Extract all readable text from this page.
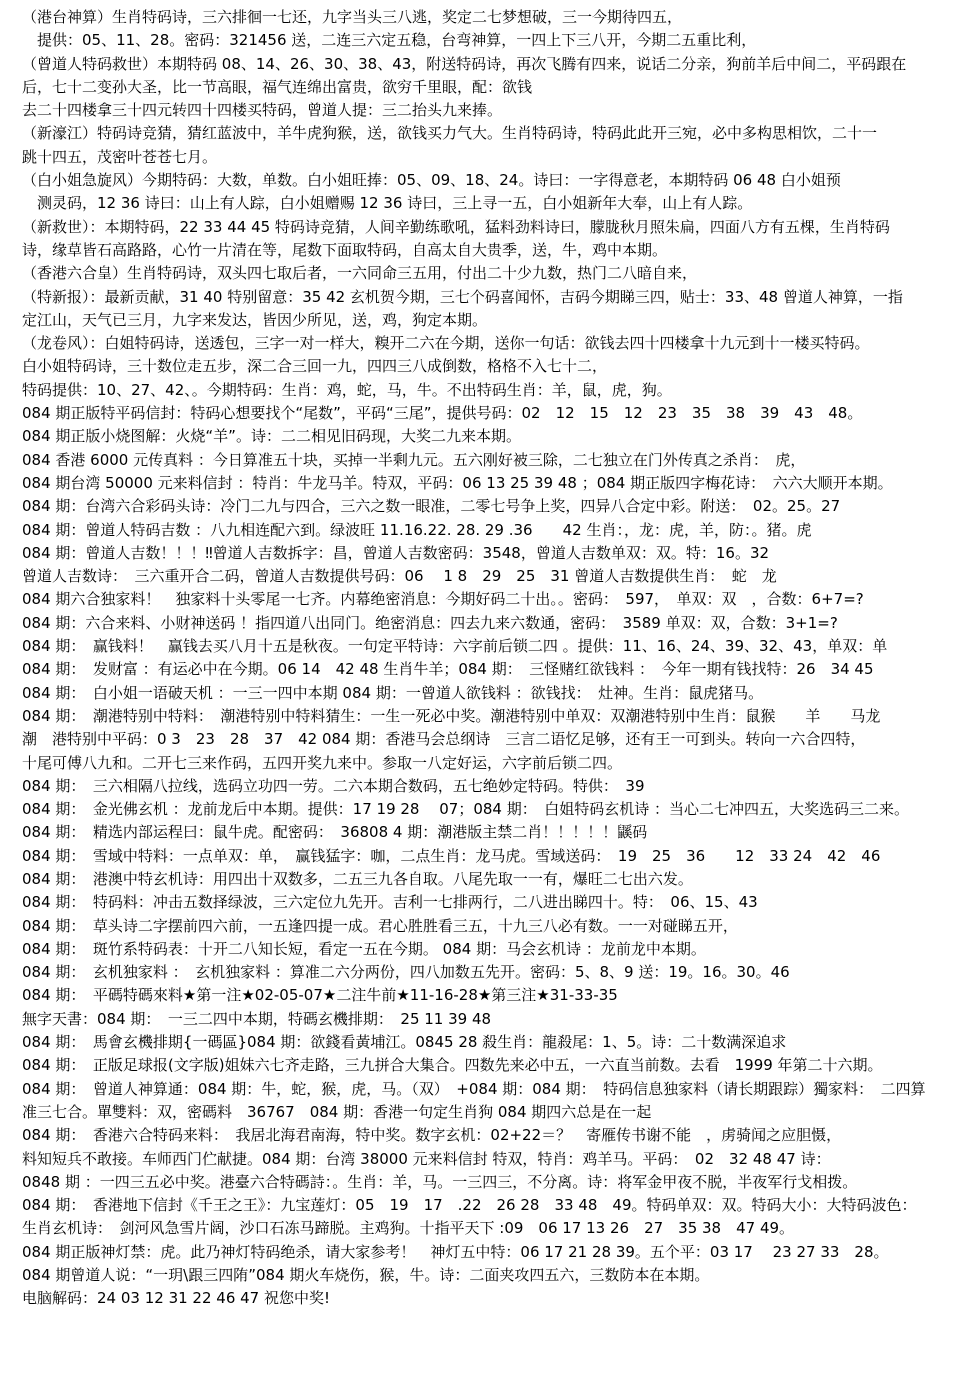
（港台神算）生肖特码诗，三六排徊一七还，九字当头三八逃，奖定二七梦想破，三一今期待四五，
　提供：05、11、28。密码：321456 送，二连三六定五稳，台弯神算，一四上下三八开，今期二五重比利，
（曾道人特码救世）本期特码 08、14、26、30、38、43，附送特码诗，再次飞腾有四来，说话二分亲，狗前羊后中间二，平码跟在
后，七十二变孙大圣，比一节高眼，福气连绵出富贵，欲穷千里眼，配：欲钱
去二十四楼拿三十四元转四十四楼买特码，曾道人提：三二抬头九来捧。
（新濠江）特码诗竞猜，猜红蓝波中，羊牛虎狗猴，送，欲钱买力气大。生肖特码诗，特码此此开三宛，必中多构思相饮，二十一
跳十四五，茂密叶苍苍七月。
（白小姐急旋风）今期特码：大数，单数。白小姐旺捧：05、09、18、24。诗曰：一字得意老，本期特码 06 48 白小姐预
　测灵码，12 36 诗曰：山上有人踪，白小姐赠赐 12 36 诗曰，三上寻一五，白小姐新年大奉，山上有人踪。
（新救世）：本期特码，22 33 44 45 特码诗竞猜，人间辛勤练歌吼，猛料劲料诗曰，朦胧秋月照朱扁，四面八方有五棵，生肖特码
诗，缘草皆石高路路，心竹一片清在等，尾数下面取特码，自高太自大贵季，送，牛，鸡中本期。
（香港六合皇）生肖特码诗，双头四七取后者，一六同命三五用，付出二十少九数，热门二八暗自来，
（特新报）：最新贡献，31 40 特别留意：35 42 玄机贺今期，三七个码喜闻怀，吉码今期睇三四，贴士：33、48 曾道人神算，一指
定江山，天气已三月，九字来发达，皆因少所见，送，鸡，狗定本期。
（龙卷风）：白姐特码诗，送透包，三字一对一样大，糗开二六在今期，送你一句话：欲钱去四十四楼拿十九元到十一楼买特码。
白小姐特码诗，三十数位走五步，深二合三回一九，四四三八成倒数，格格不入七十二，
特码提供：10、27、42、。今期特码：生肖：鸡，蛇，马，牛。不出特码生肖：羊，鼠，虎，狗。
084 期正版特平码信封：特码心想要找个“尾数”，平码“三尾”，提供号码：02　12　15　12　23　35　38　39　43　48。
084 期正版小烧图解：火烧“羊”。诗：二二相见旧码现，大奖二九来本期。
084 香港 6000 元传真料 ：今日算准五十块，买掉一半剩九元。五六刚好被三除，二七独立在门外传真之杀肖：　虎，
084 期台湾 50000 元来料信封 ：特肖：牛龙马羊。特双，平码：06 13 25 39 48 ；084 期正版四字梅花诗：　六六大顺开本期。
084 期：台湾六合彩码头诗：冷门二九与四合，三六之数一眼准，二零七号争上奖，四异八合定中彩。附送：　02。25。27
084 期：曾道人特码吉数 ：八九相连配六到。绿波旺 11.16.22. 28. 29 .36　　42 生肖：，龙：虎，羊，防：。猪。虎
084 期：曾道人吉数！！！‼曾道人吉数拆字：昌，曾道人吉数密码：3548，曾道人吉数单双：双。特：16。32
曾道人吉数诗：　三六重开合二码，曾道人吉数提供号码：06　 1 8　29　25　31 曾道人吉数提供生肖：　蛇　龙
084 期六合独家料！　独家料十头零尾一七齐。内幕绝密消息：今期好码二十出。。密码：　597，　单双：双　，合数：6+7=?
084 期：六合来料、小财神送码 ！指四道八出同门。绝密消息：四去九来六数通，密码：　3589 单双：双，合数：3+1=?
084 期：　赢钱料！　赢钱去买八月十五是秋夜。一句定平特诗：六字前后锁二四 。提供：11、16、24、39、32、43，单双：单
084 期：　发财富 ：有运必中在今期。06 14　42 48 生肖牛羊；084 期：　三怪赌红欲钱料 ：　今年一期有钱找特：26　34 45
084 期：　白小姐一语破天机 ：一三一四中本期 084 期：一曾道人欲钱料 ：欲钱找：　灶神。生肖：鼠虎猪马。
084 期：　潮港特别中特料：　潮港特别中特料猜生：一生一死必中奖。潮港特别中单双：双潮港特别中生肖：鼠猴　　羊　　马龙
潮　港特别中平码：0 3　23　28　37　42 084 期：香港马会总纲诗　三言二语忆足够，还有王一可到头。转向一六合四特，
十尾可傅八九和。二开七三来作码，五四开奖九来中。参取一八定好运，六字前后锁二四。
084 期：　三六相隔八拉线，选码立功四一劳。二六本期合数码，五七绝妙定特码。特供：　39
084 期：　金光佛玄机 ：龙前龙后中本期。提供：17 19 28　 07；084 期：　白姐特码玄机诗 ：当心二七冲四五，大奖选码三二来。
084 期：　精选内部运程曰：鼠牛虎。配密码：　36808 4 期：潮港版主禁二肖！！！！！鼷码
084 期：　雪域中特料：一点单双：单，　赢钱猛字：咖，二点生肖：龙马虎。雪域送码：　19　25　36　　12　33 24　42　46
084 期：　港澳中特玄机诗：用四出十双数多，二五三九各自取。八尾先取一一有，爆旺二七出六发。
084 期：　特码料：冲击五数择绿波，三六定位九先开。吉利一七排两行，二八进出睇四十。特：　06、15、43
084 期：　草头诗二字摆前四六前，一五逢四提一成。君心胜胜看三五，十九三八必有数。一一对碰睇五开，
084 期：　斑竹系特码表：十开二八知长短，看定一五在今期。 084 期：马会玄机诗 ：龙前龙中本期。
084 期：　玄机独家料 ：　玄机独家料 ：算准二六分两份，四八加数五先开。密码：5、8、9 送：19。16。30。46
084 期：　平碼特碼來料★第一注★02-05-07★二注牛前★11-16-28★第三注★31-33-35
無字天書：084 期：　一三二四中本期，特碼玄機排期：　25 11 39 48
084 期：　馬會玄機排期{一碼區}084 期：欲錢看黃埔江。0845 28 殺生肖：龍殺尾：1、5。诗：二十数满深追求
084 期：　正版足球报(文字版)姐妹六七齐走路，三九拼合大集合。四数先来必中五，一六直当前数。去看　1999 年第二十六期。
084 期：　曾道人神算通：084 期：牛，蛇，猴，虎，马。（双）　+084 期：084 期：　特码信息独家料（请长期跟踪）獨家料：　二四算
准三七合。單雙料：双，密碼料　36767　084 期：香港一句定生肖狗 084 期四六总是在一起
084 期：　香港六合特码来料：　我居北海君南海，特中奖。数字玄机：02+22＝？　寄雁传书谢不能　，虏骑闻之应胆慑，
料知短兵不敢接。车师西门伫献捷。084 期：台湾 38000 元来料信封 特双，特肖：鸡羊马。平码：　02　32 48 47 诗：
0848 期 ：一四三五必中奖。港臺六合特碼詩：。生肖：羊，马。一三四三，不分离。诗：将军金甲夜不脱，半夜军行戈相拨。
084 期：　香港地下信封《千王之王》：九宝莲灯：05　19　17　.22　26 28　33 48　49。特码单双：双。特码大小：大特码波色：
生肖玄机诗：　剑河风急雪片阔，沙口石冻马蹄脱。主鸡狗。十指平天下 :09　06 17 13 26　27　35 38　47 49。
084 期正版神灯禁：虎。此乃神灯特码绝杀，请大家参考！　神灯五中特：06 17 21 28 39。五个平：03 17　 23 27 33　28。
084 期曾道人说：“一玥\跟三四陏”084 期火车烧伤，猴，牛。诗：二面夹攻四五六，三数防本在本期。
电脑解码：24 03 12 31 22 46 47 祝您中奖!
